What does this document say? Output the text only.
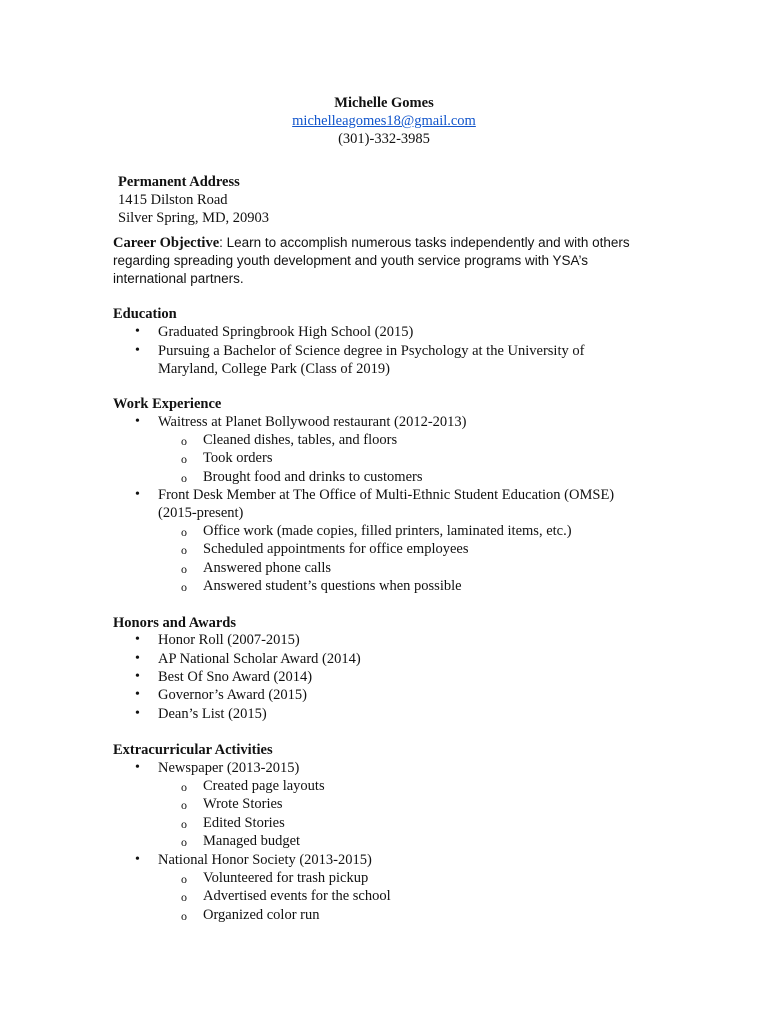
Michelle Gomes
michelleagomes18@gmail.com
(301)-332-3985
Permanent Address
1415 Dilston Road
Silver Spring, MD, 20903
Career Objective: Learn to accomplish numerous tasks independently and with others
regarding spreading youth development and youth service programs with YSA’s
international partners.
Education
• Graduated Springbrook High School (2015)
• Pursuing a Bachelor of Science degree in Psychology at the University of
Maryland, College Park (Class of 2019)
Work Experience
• Waitress at Planet Bollywood restaurant (2012-2013)
o Cleaned dishes, tables, and floors
o Took orders
o Brought food and drinks to customers
• Front Desk Member at The Office of Multi-Ethnic Student Education (OMSE)
(2015-present)
o Office work (made copies, filled printers, laminated items, etc.)
o Scheduled appointments for office employees
o Answered phone calls
o Answered student’s questions when possible
Honors and Awards
• Honor Roll (2007-2015)
• AP National Scholar Award (2014)
• Best Of Sno Award (2014)
• Governor’s Award (2015)
• Dean’s List (2015)
Extracurricular Activities
• Newspaper (2013-2015)
o Created page layouts
o Wrote Stories
o Edited Stories
o Managed budget
• National Honor Society (2013-2015)
o Volunteered for trash pickup
o Advertised events for the school
o Organized color run
